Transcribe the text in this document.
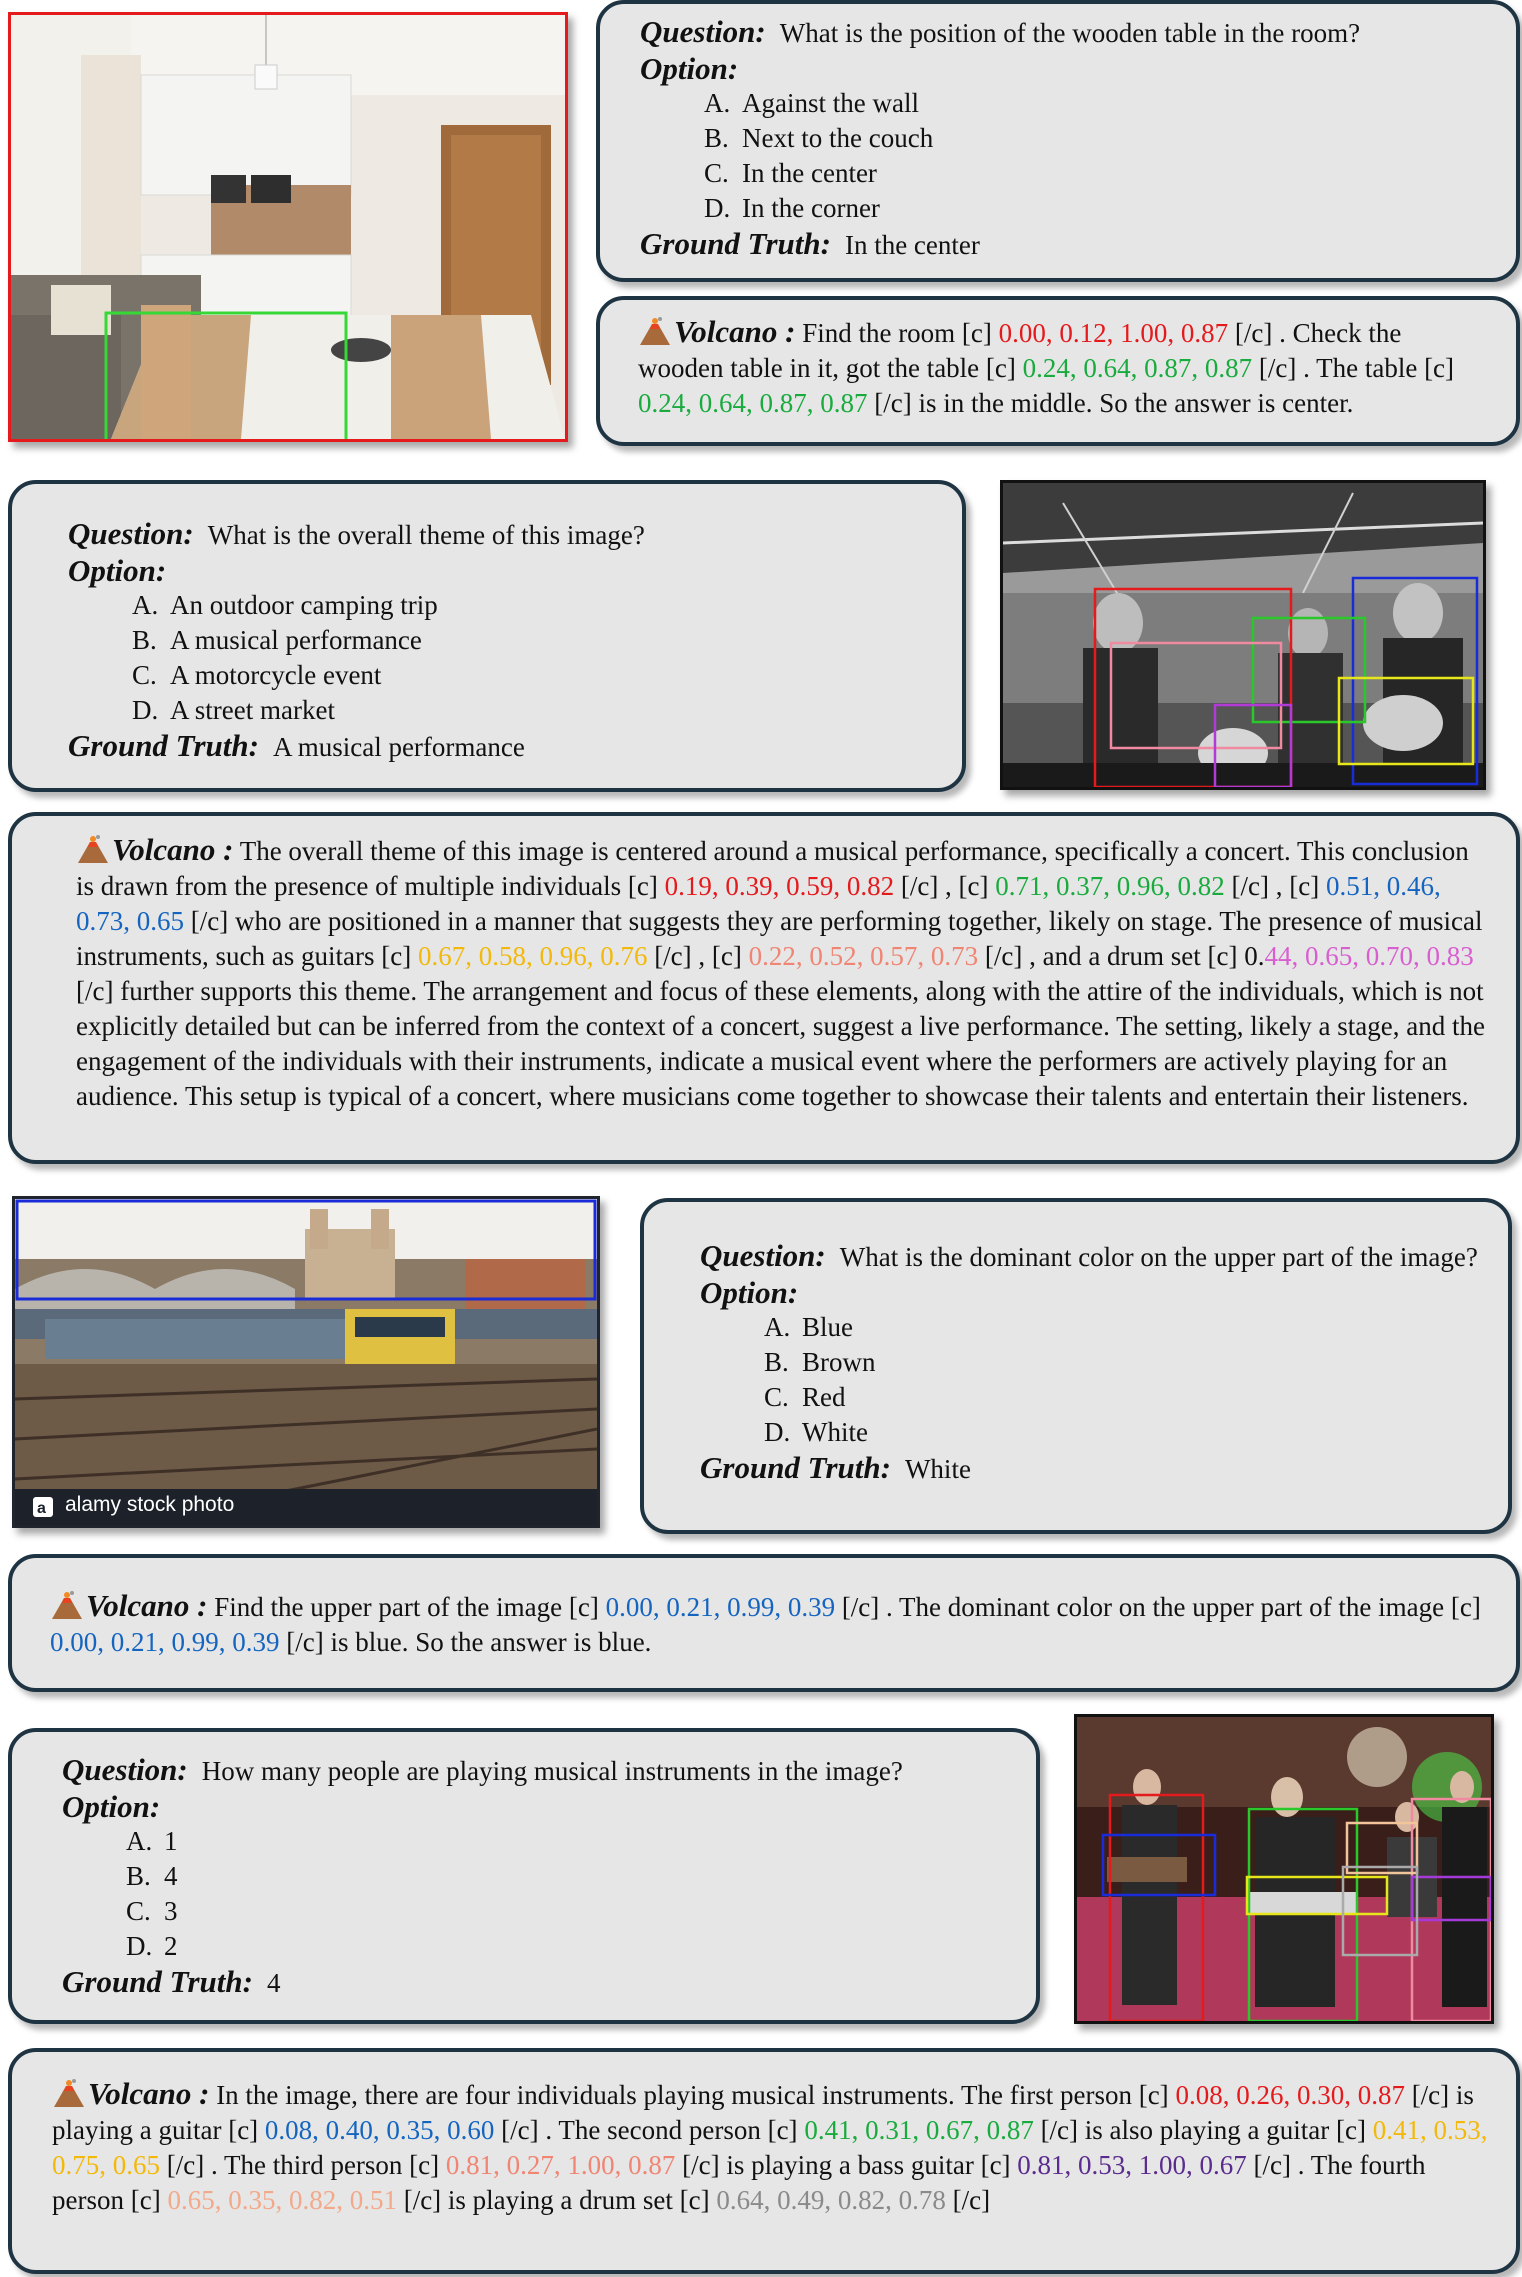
Question: What is the position of the wooden table in the room?
Option:
A. Against the wall
B. Next to the couch
C. In the center
D. In the corner
Ground Truth: In the center
Volcano : Find the room [c] 0.00, 0.12, 1.00, 0.87 [/c] . Check the wooden table in it, got the table [c] 0.24, 0.64, 0.87, 0.87 [/c] . The table [c] 0.24, 0.64, 0.87, 0.87 [/c] is in the middle. So the answer is center.
Question: What is the overall theme of this image?
Option:
A. An outdoor camping trip
B. A musical performance
C. A motorcycle event
D. A street market
Ground Truth: A musical performance
Volcano : The overall theme of this image is centered around a musical performance, specifically a concert. This conclusion is drawn from the presence of multiple individuals [c] 0.19, 0.39, 0.59, 0.82 [/c] , [c] 0.71, 0.37, 0.96, 0.82 [/c] , [c] 0.51, 0.46, 0.73, 0.65 [/c] who are positioned in a manner that suggests they are performing together, likely on stage. The presence of musical instruments, such as guitars [c] 0.67, 0.58, 0.96, 0.76 [/c] , [c] 0.22, 0.52, 0.57, 0.73 [/c] , and a drum set [c] 0.44, 0.65, 0.70, 0.83 [/c] further supports this theme. The arrangement and focus of these elements, along with the attire of the individuals, which is not explicitly detailed but can be inferred from the context of a concert, suggest a live performance. The setting, likely a stage, and the engagement of the individuals with their instruments, indicate a musical event where the performers are actively playing for an audience. This setup is typical of a concert, where musicians come together to showcase their talents and entertain their listeners.
a alamy stock photo
Question: What is the dominant color on the upper part of the image?
Option:
A. Blue
B. Brown
C. Red
D. White
Ground Truth: White
Volcano : Find the upper part of the image [c] 0.00, 0.21, 0.99, 0.39 [/c] . The dominant color on the upper part of the image [c] 0.00, 0.21, 0.99, 0.39 [/c] is blue. So the answer is blue.
Question: How many people are playing musical instruments in the image?
Option:
A. 1
B. 4
C. 3
D. 2
Ground Truth: 4
Volcano : In the image, there are four individuals playing musical instruments. The first person [c] 0.08, 0.26, 0.30, 0.87 [/c] is playing a guitar [c] 0.08, 0.40, 0.35, 0.60 [/c] . The second person [c] 0.41, 0.31, 0.67, 0.87 [/c] is also playing a guitar [c] 0.41, 0.53, 0.75, 0.65 [/c] . The third person [c] 0.81, 0.27, 1.00, 0.87 [/c] is playing a bass guitar [c] 0.81, 0.53, 1.00, 0.67 [/c] . The fourth person [c] 0.65, 0.35, 0.82, 0.51 [/c] is playing a drum set [c] 0.64, 0.49, 0.82, 0.78 [/c]
